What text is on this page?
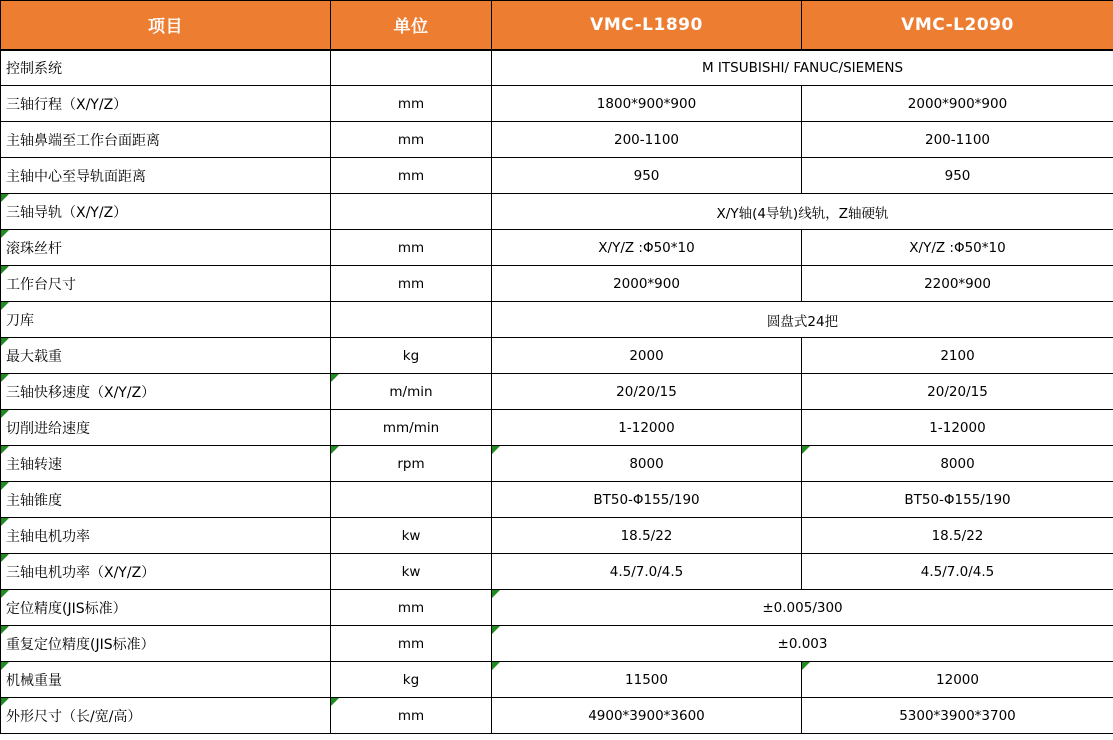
项目	单位	VMC-L1890	VMC-L2090
控制系统		M ITSUBISHI/ FANUC/SIEMENS	
三轴行程（X/Y/Z）	mm	1800*900*900	2000*900*900
主轴鼻端至工作台面距离	mm	200-1100	200-1100
主轴中心至导轨面距离	mm	950	950
三轴导轨（X/Y/Z）		X/Y轴(4导轨)线轨，Z轴硬轨	
滚珠丝杆	mm	X/Y/Z :Φ50*10	X/Y/Z :Φ50*10
工作台尺寸	mm	2000*900	2200*900
刀库		圆盘式24把	
最大载重	kg	2000	2100
三轴快移速度（X/Y/Z）	m/min	20/20/15	20/20/15
切削进给速度	mm/min	1-12000	1-12000
主轴转速	rpm	8000	8000
主轴锥度		BT50-Φ155/190	BT50-Φ155/190
主轴电机功率	kw	18.5/22	18.5/22
三轴电机功率（X/Y/Z）	kw	4.5/7.0/4.5	4.5/7.0/4.5
定位精度(JIS标准）	mm	±0.005/300	
重复定位精度(JIS标准）	mm	±0.003	
机械重量	kg	11500	12000
外形尺寸（长/宽/高）	mm	4900*3900*3600	5300*3900*3700
